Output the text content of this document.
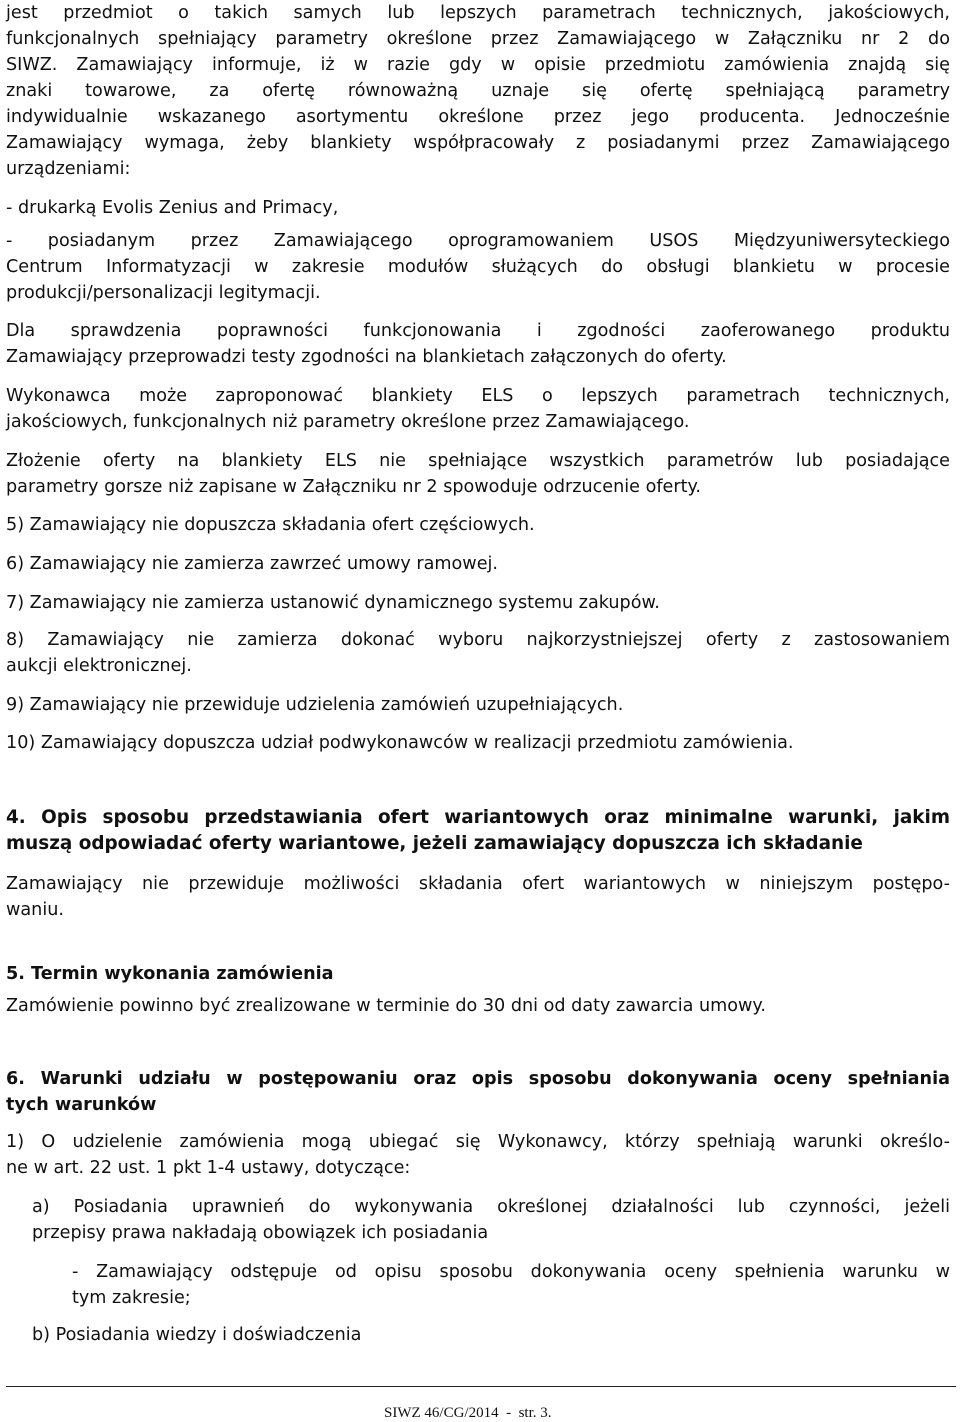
jest przedmiot o takich samych lub lepszych parametrach technicznych, jakościowych,
funkcjonalnych spełniający parametry określone przez Zamawiającego w Załączniku nr 2 do
SIWZ. Zamawiający informuje, iż w razie gdy w opisie przedmiotu zamówienia znajdą się
znaki towarowe, za ofertę równoważną uznaje się ofertę spełniającą parametry
indywidualnie wskazanego asortymentu określone przez jego producenta. Jednocześnie
Zamawiający wymaga, żeby blankiety współpracowały z posiadanymi przez Zamawiającego
urządzeniami:
- drukarką Evolis Zenius and Primacy,
- posiadanym przez Zamawiającego oprogramowaniem USOS Międzyuniwersyteckiego
Centrum Informatyzacji w zakresie modułów służących do obsługi blankietu w procesie
produkcji/personalizacji legitymacji.
Dla sprawdzenia poprawności funkcjonowania i zgodności zaoferowanego produktu
Zamawiający przeprowadzi testy zgodności na blankietach załączonych do oferty.
Wykonawca może zaproponować blankiety ELS o lepszych parametrach technicznych,
jakościowych, funkcjonalnych niż parametry określone przez Zamawiającego.
Złożenie oferty na blankiety ELS nie spełniające wszystkich parametrów lub posiadające
parametry gorsze niż zapisane w Załączniku nr 2 spowoduje odrzucenie oferty.
5) Zamawiający nie dopuszcza składania ofert częściowych.
6) Zamawiający nie zamierza zawrzeć umowy ramowej.
7) Zamawiający nie zamierza ustanowić dynamicznego systemu zakupów.
8) Zamawiający nie zamierza dokonać wyboru najkorzystniejszej oferty z zastosowaniem
aukcji elektronicznej.
9) Zamawiający nie przewiduje udzielenia zamówień uzupełniających.
10) Zamawiający dopuszcza udział podwykonawców w realizacji przedmiotu zamówienia.
4. Opis sposobu przedstawiania ofert wariantowych oraz minimalne warunki, jakim
muszą odpowiadać oferty wariantowe, jeżeli zamawiający dopuszcza ich składanie
Zamawiający nie przewiduje możliwości składania ofert wariantowych w niniejszym postępo-
waniu.
5. Termin wykonania zamówienia
Zamówienie powinno być zrealizowane w terminie do 30 dni od daty zawarcia umowy.
6. Warunki udziału w postępowaniu oraz opis sposobu dokonywania oceny spełniania
tych warunków
1) O udzielenie zamówienia mogą ubiegać się Wykonawcy, którzy spełniają warunki określo-
ne w art. 22 ust. 1 pkt 1-4 ustawy, dotyczące:
a) Posiadania uprawnień do wykonywania określonej działalności lub czynności, jeżeli
przepisy prawa nakładają obowiązek ich posiadania
- Zamawiający odstępuje od opisu sposobu dokonywania oceny spełnienia warunku w
tym zakresie;
b) Posiadania wiedzy i doświadczenia
SIWZ 46/CG/2014  -  str. 3.
